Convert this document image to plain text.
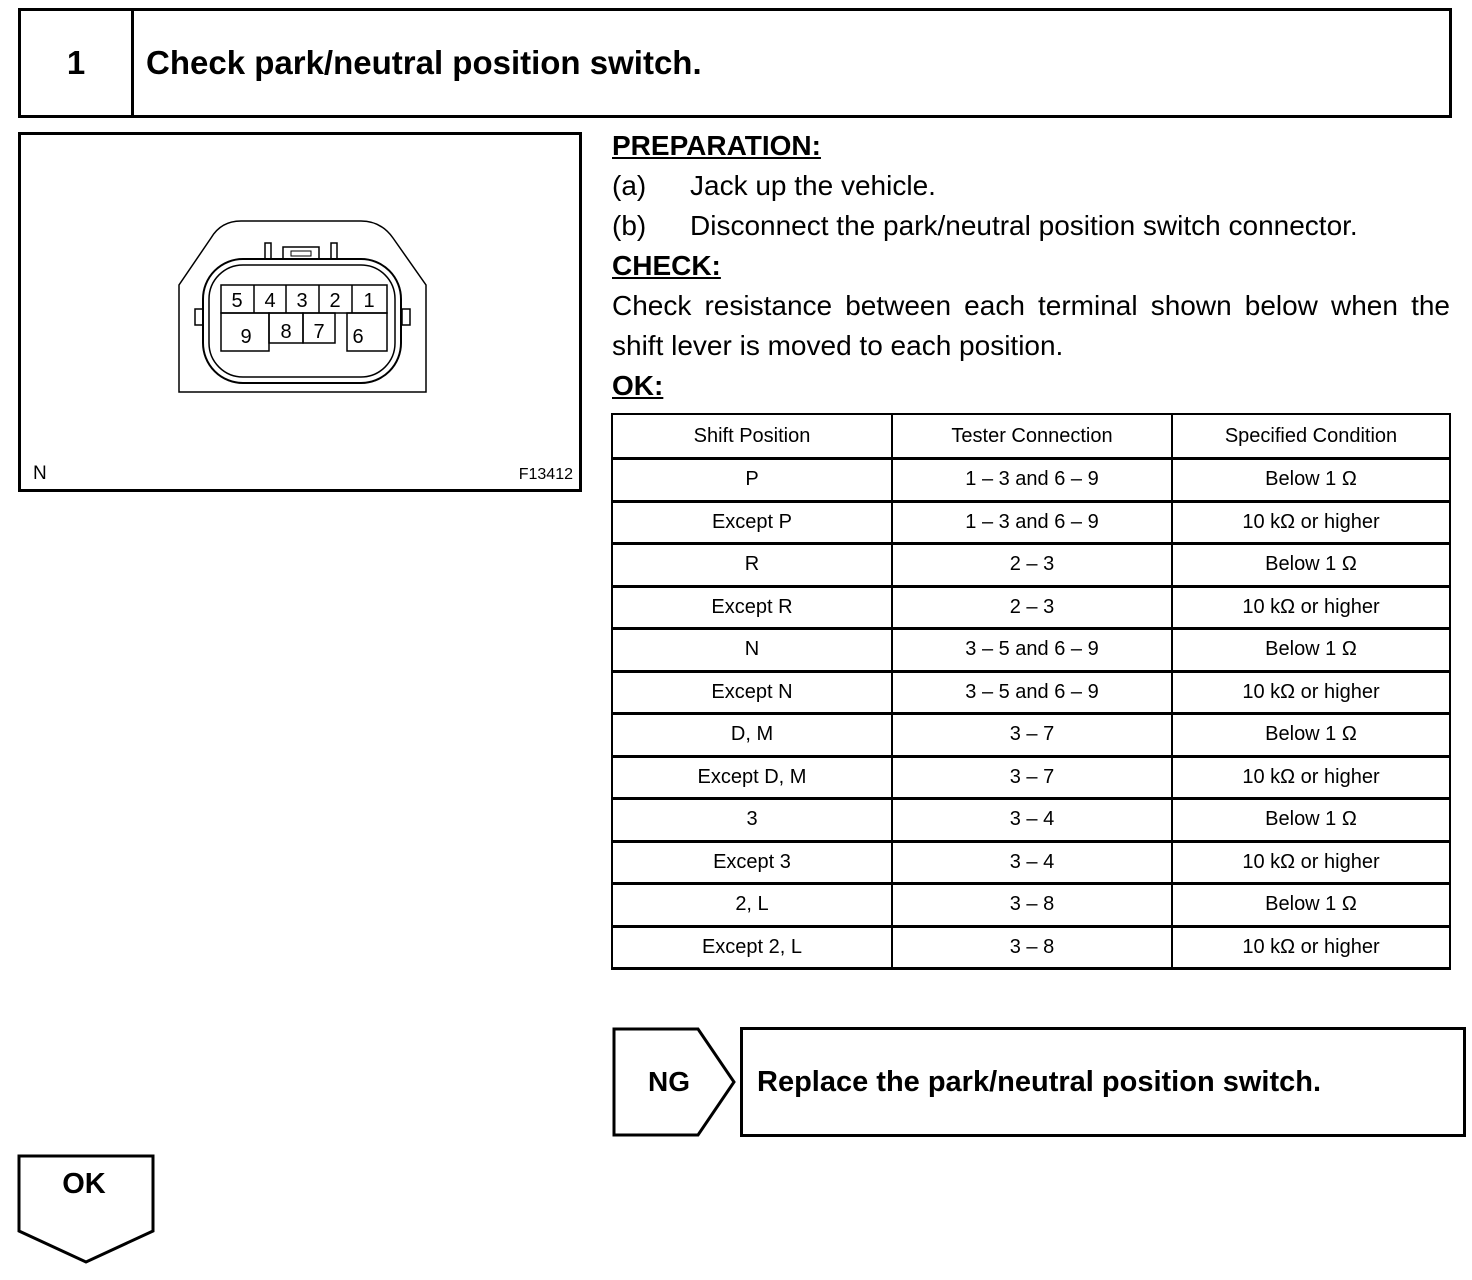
1	Check park/neutral position switch.
5 4 3 2 1
9 8 7 6
N	F13412
PREPARATION:
(a)	Jack up the vehicle.
(b)	Disconnect the park/neutral position switch connector.
CHECK:
Check resistance between each terminal shown below when the shift lever is moved to each position.
OK:
Shift Position	Tester Connection	Specified Condition
P	1 – 3 and 6 – 9	Below 1 Ω
Except P	1 – 3 and 6 – 9	10 kΩ or higher
R	2 – 3	Below 1 Ω
Except R	2 – 3	10 kΩ or higher
N	3 – 5 and 6 – 9	Below 1 Ω
Except N	3 – 5 and 6 – 9	10 kΩ or higher
D, M	3 – 7	Below 1 Ω
Except D, M	3 – 7	10 kΩ or higher
3	3 – 4	Below 1 Ω
Except 3	3 – 4	10 kΩ or higher
2, L	3 – 8	Below 1 Ω
Except 2, L	3 – 8	10 kΩ or higher
NG	Replace the park/neutral position switch.
OK
